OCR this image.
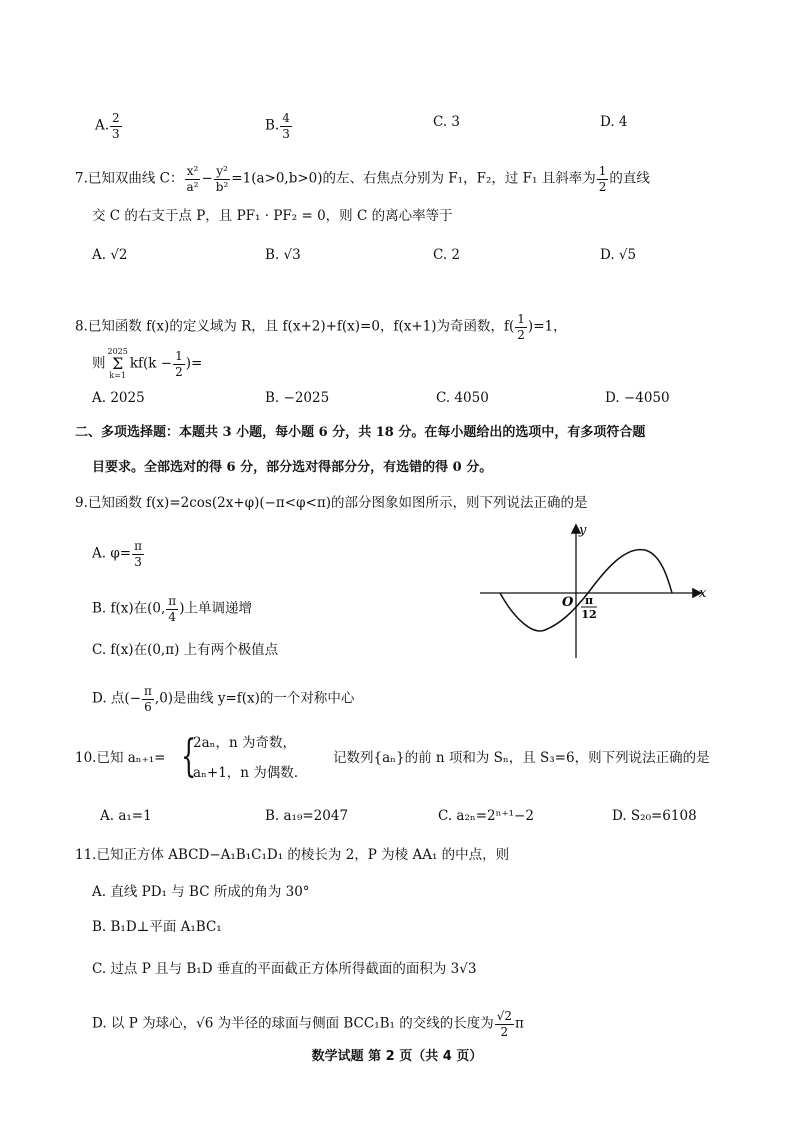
A. $\frac{2}{3}$	B. $\frac{4}{3}$	C. 3	D. 4
7.已知双曲线 C： $\frac{\text{x²}}{\text{a²}} - \frac{\text{y²}}{\text{b²}} =1(a>0,b>0)$的左、右焦点分别为 F₁，F₂，过 F₁ 且斜率为 $\frac{1}{2}$ 的直线
交 C 的右支于点 P，且 PF₁ · PF₂ = 0，则 C 的离心率等于
A. √2	B. √3	C. 2	D. √5
8.已知函数 f(x)的定义域为 R，且 f(x+2)+f(x)=0，f(x+1)为奇函数，$f( \frac{1}{2} )=1$，
则
2025
Σ
k=1
$kf(k - \frac{1}{2}$ )=
A. 2025	B. −2025	C. 4050	D. −4050
二、多项选择题：本题共 3 小题，每小题 6 分，共 18 分。在每小题给出的选项中，有多项符合题
目要求。全部选对的得 6 分，部分选对得部分分，有选错的得 0 分。
9.已知函数 f(x)=2cos(2x+φ)(−π<φ<π)的部分图象如图所示，则下列说法正确的是
A. $\varphi= \frac{\pi}{3}$
B. f(x)在(0, $\frac{\pi}{4}$ )上单调递增
C. f(x)在(0,π) 上有两个极值点
D. 点(− $\frac{\pi}{6} ,0$)是曲线 y=f(x)的一个对称中心
y
x
O π
12
10.已知 aₙ₊₁= {
2aₙ，n 为奇数，
aₙ+1，n 为偶数.
记数列{aₙ}的前 n 项和为 Sₙ，且 S₃=6，则下列说法正确的是
A. a₁=1	B. a₁₉=2047	C. a₂ₙ=2ⁿ⁺¹−2	D. S₂₀=6108
11.已知正方体 ABCD−A₁B₁C₁D₁ 的棱长为 2，P 为棱 AA₁ 的中点，则
A. 直线 PD₁ 与 BC 所成的角为 30°
B. B₁D⊥平面 A₁BC₁
C. 过点 P 且与 B₁D 垂直的平面截正方体所得截面的面积为 3√3
D. 以 P 为球心，√6 为半径的球面与侧面 BCC₁B₁ 的交线的长度为 $\frac{√2}{2}$ π
数学试题 第 2 页（共 4 页）
